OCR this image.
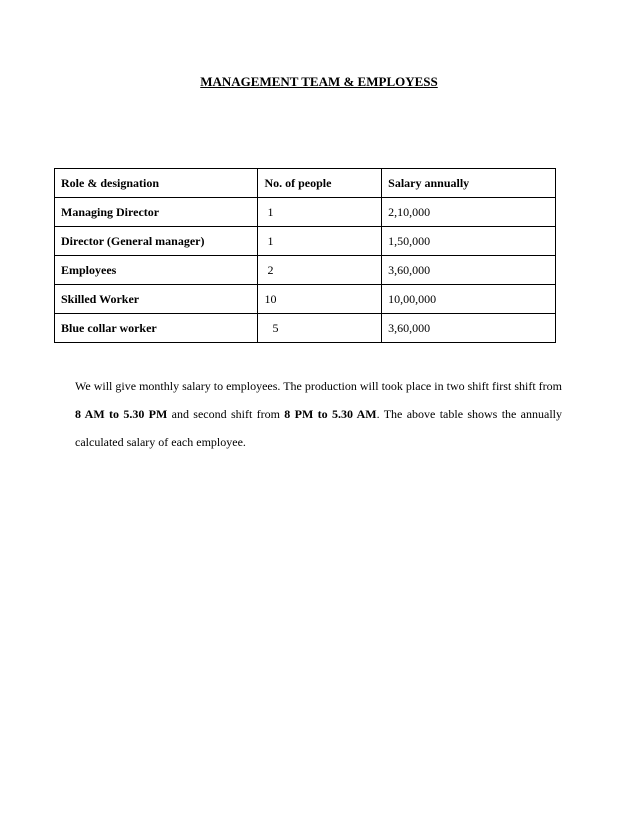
MANAGEMENT TEAM & EMPLOYESS
Role & designation	No. of people	Salary annually
Managing Director	1	2,10,000
Director (General manager)	1	1,50,000
Employees	2	3,60,000
Skilled Worker	10	10,00,000
Blue collar worker	5	3,60,000

We will give monthly salary to employees. The production will took place in two shift first shift from 8 AM to 5.30 PM and second shift from 8 PM to 5.30 AM. The above table shows the annually calculated salary of each employee.
